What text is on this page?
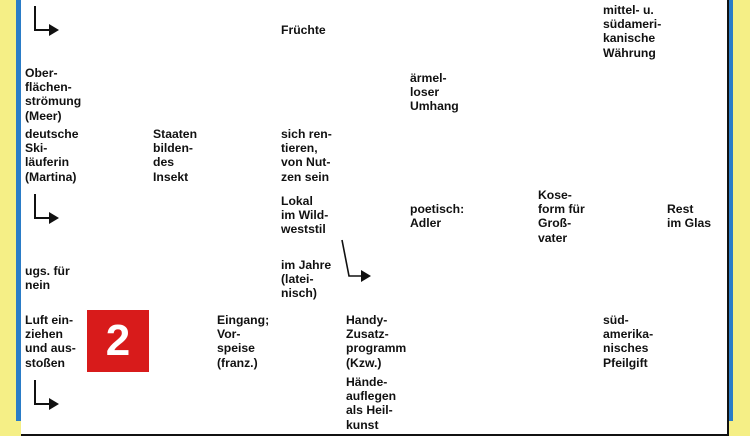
Früchte
mittel- u.
südameri-
kanische
Währung
Ober-
flächen-
strömung
(Meer)
ärmel-
loser
Umhang
deutsche
Ski-
läuferin
(Martina)
Staaten
bilden-
des
Insekt
sich ren-
tieren,
von Nut-
zen sein
Lokal
im Wild-
weststil
poetisch:
Adler
Kose-
form für
Groß-
vater
Rest
im Glas
ugs. für
nein
im Jahre
(latei-
nisch)
Luft ein-
ziehen
und aus-
stoßen 2	Eingang;
Vor-
speise
(franz.)
Handy-
Zusatz-
programm
(Kzw.)
süd-
amerika-
nisches
Pfeilgift
Hände-
auflegen
als Heil-
kunst
